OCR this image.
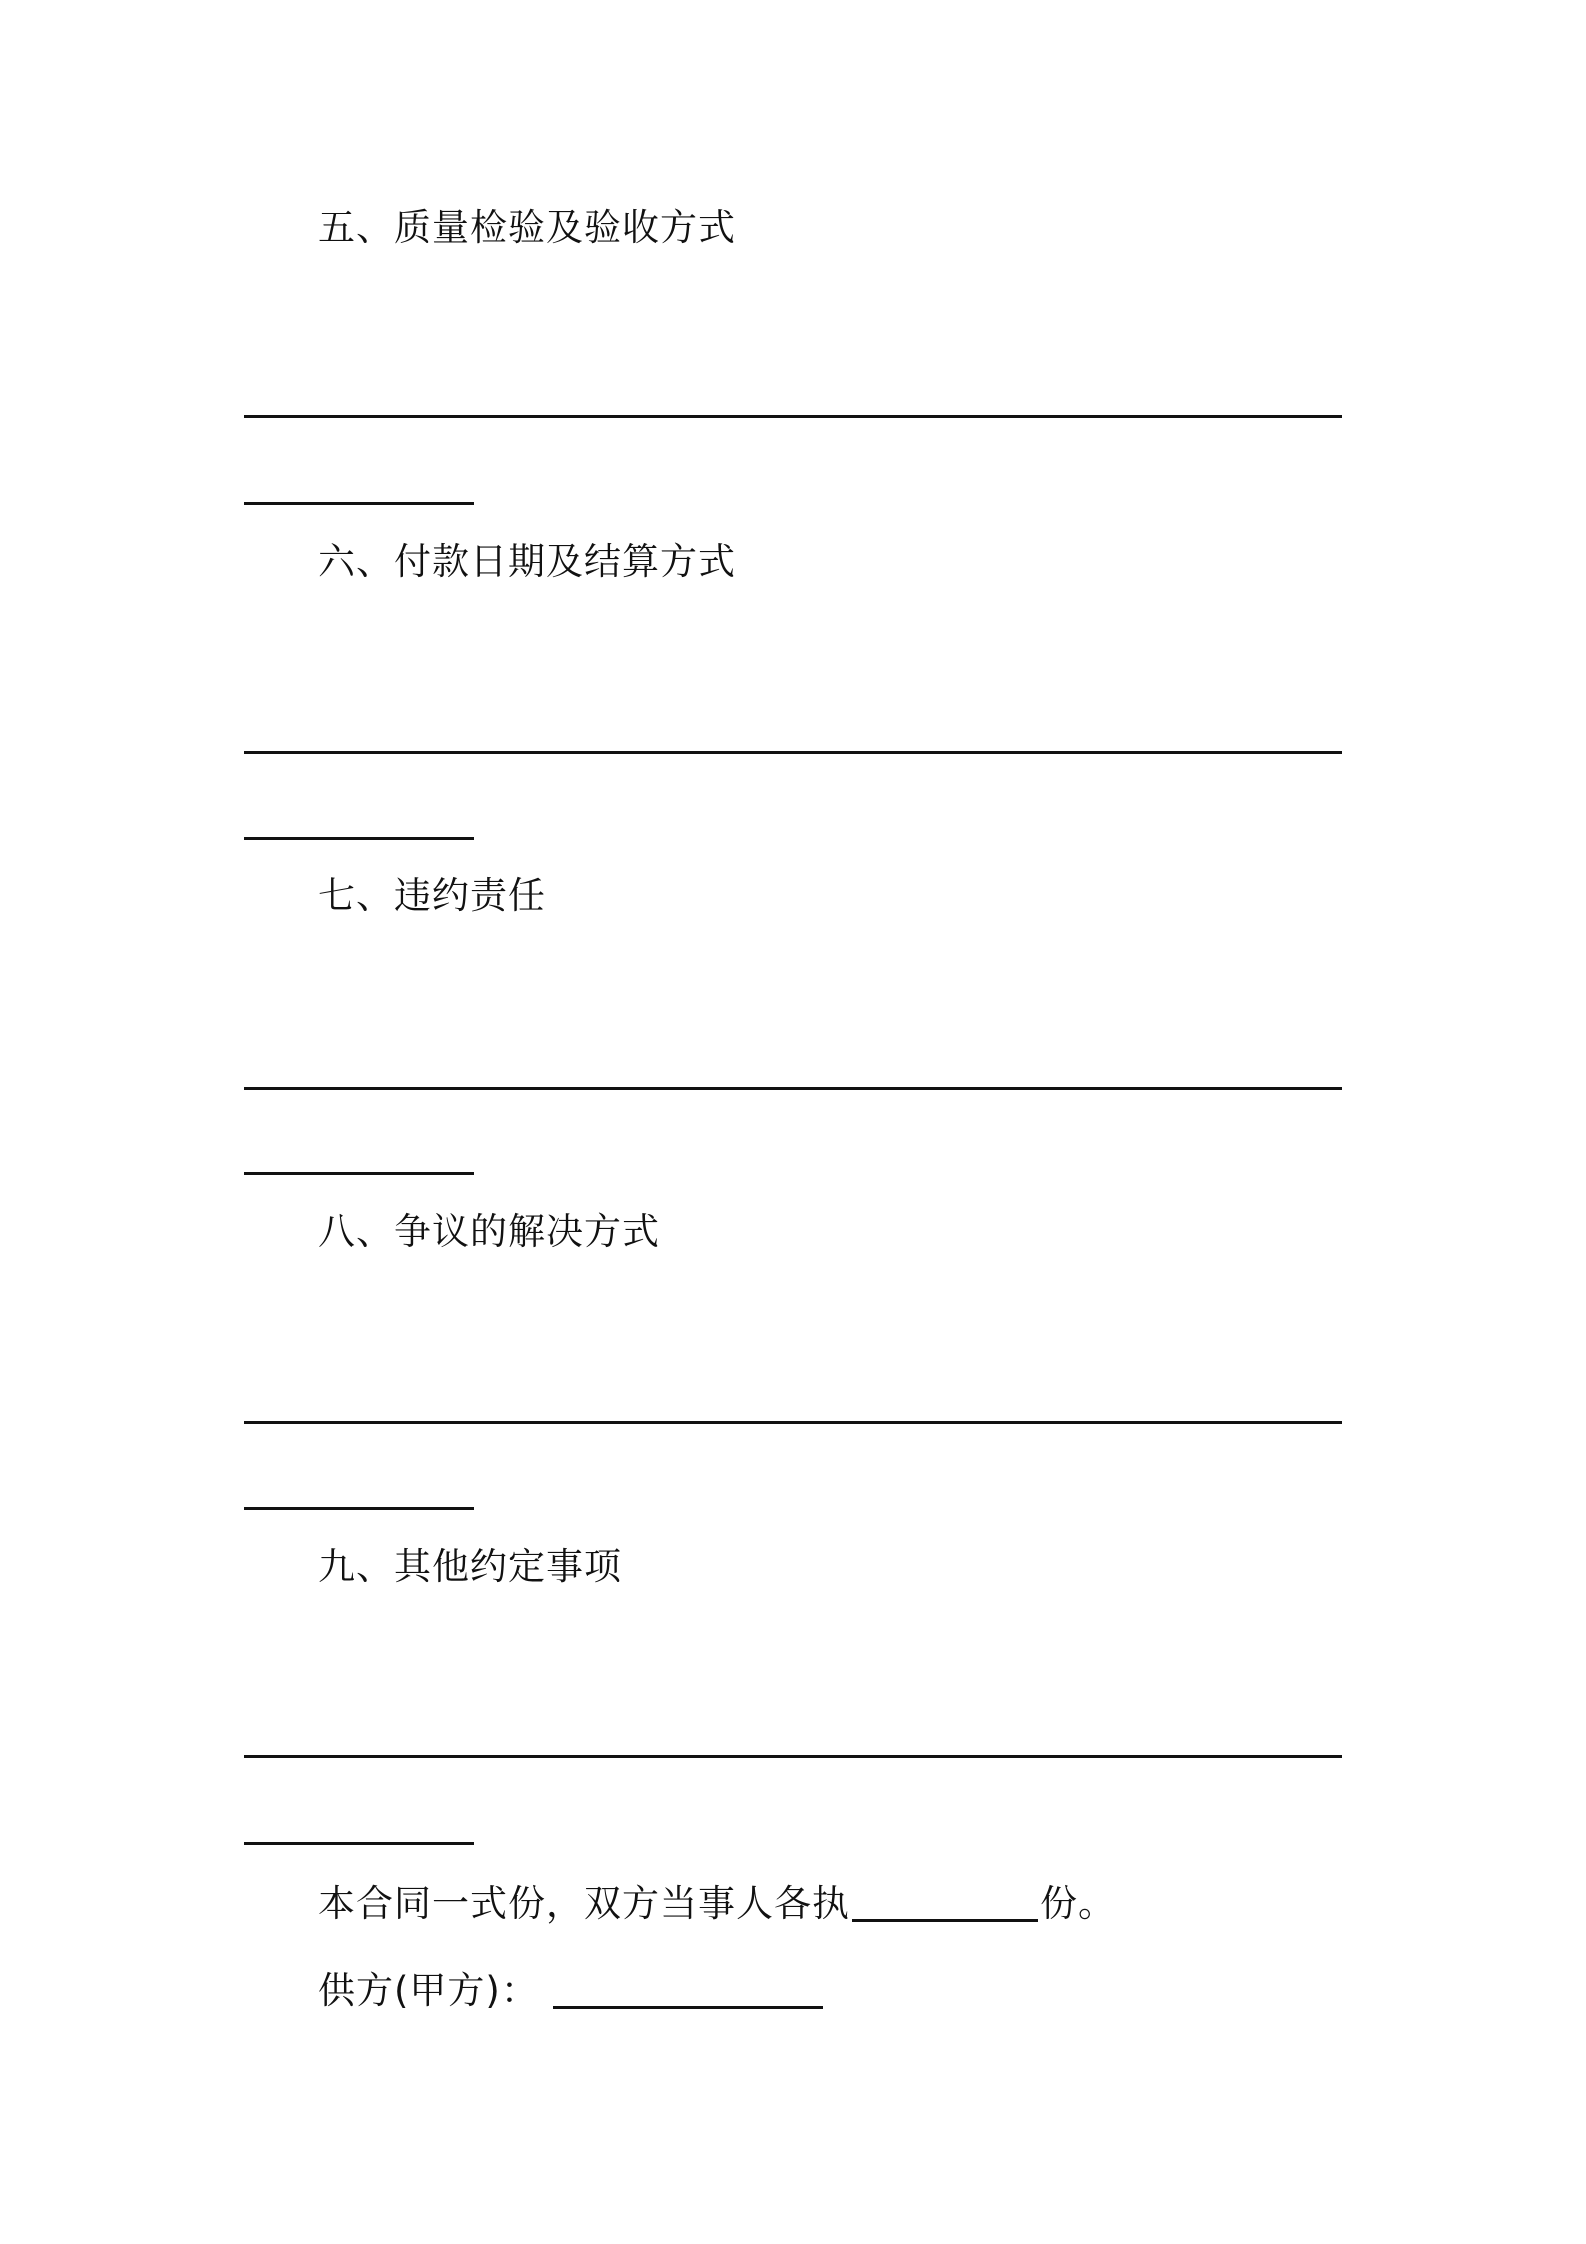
五、质量检验及验收方式
六、付款日期及结算方式
七、违约责任
八、争议的解决方式
九、其他约定事项
本合同一式份，双方当事人各执	份。
供方(甲方)：
